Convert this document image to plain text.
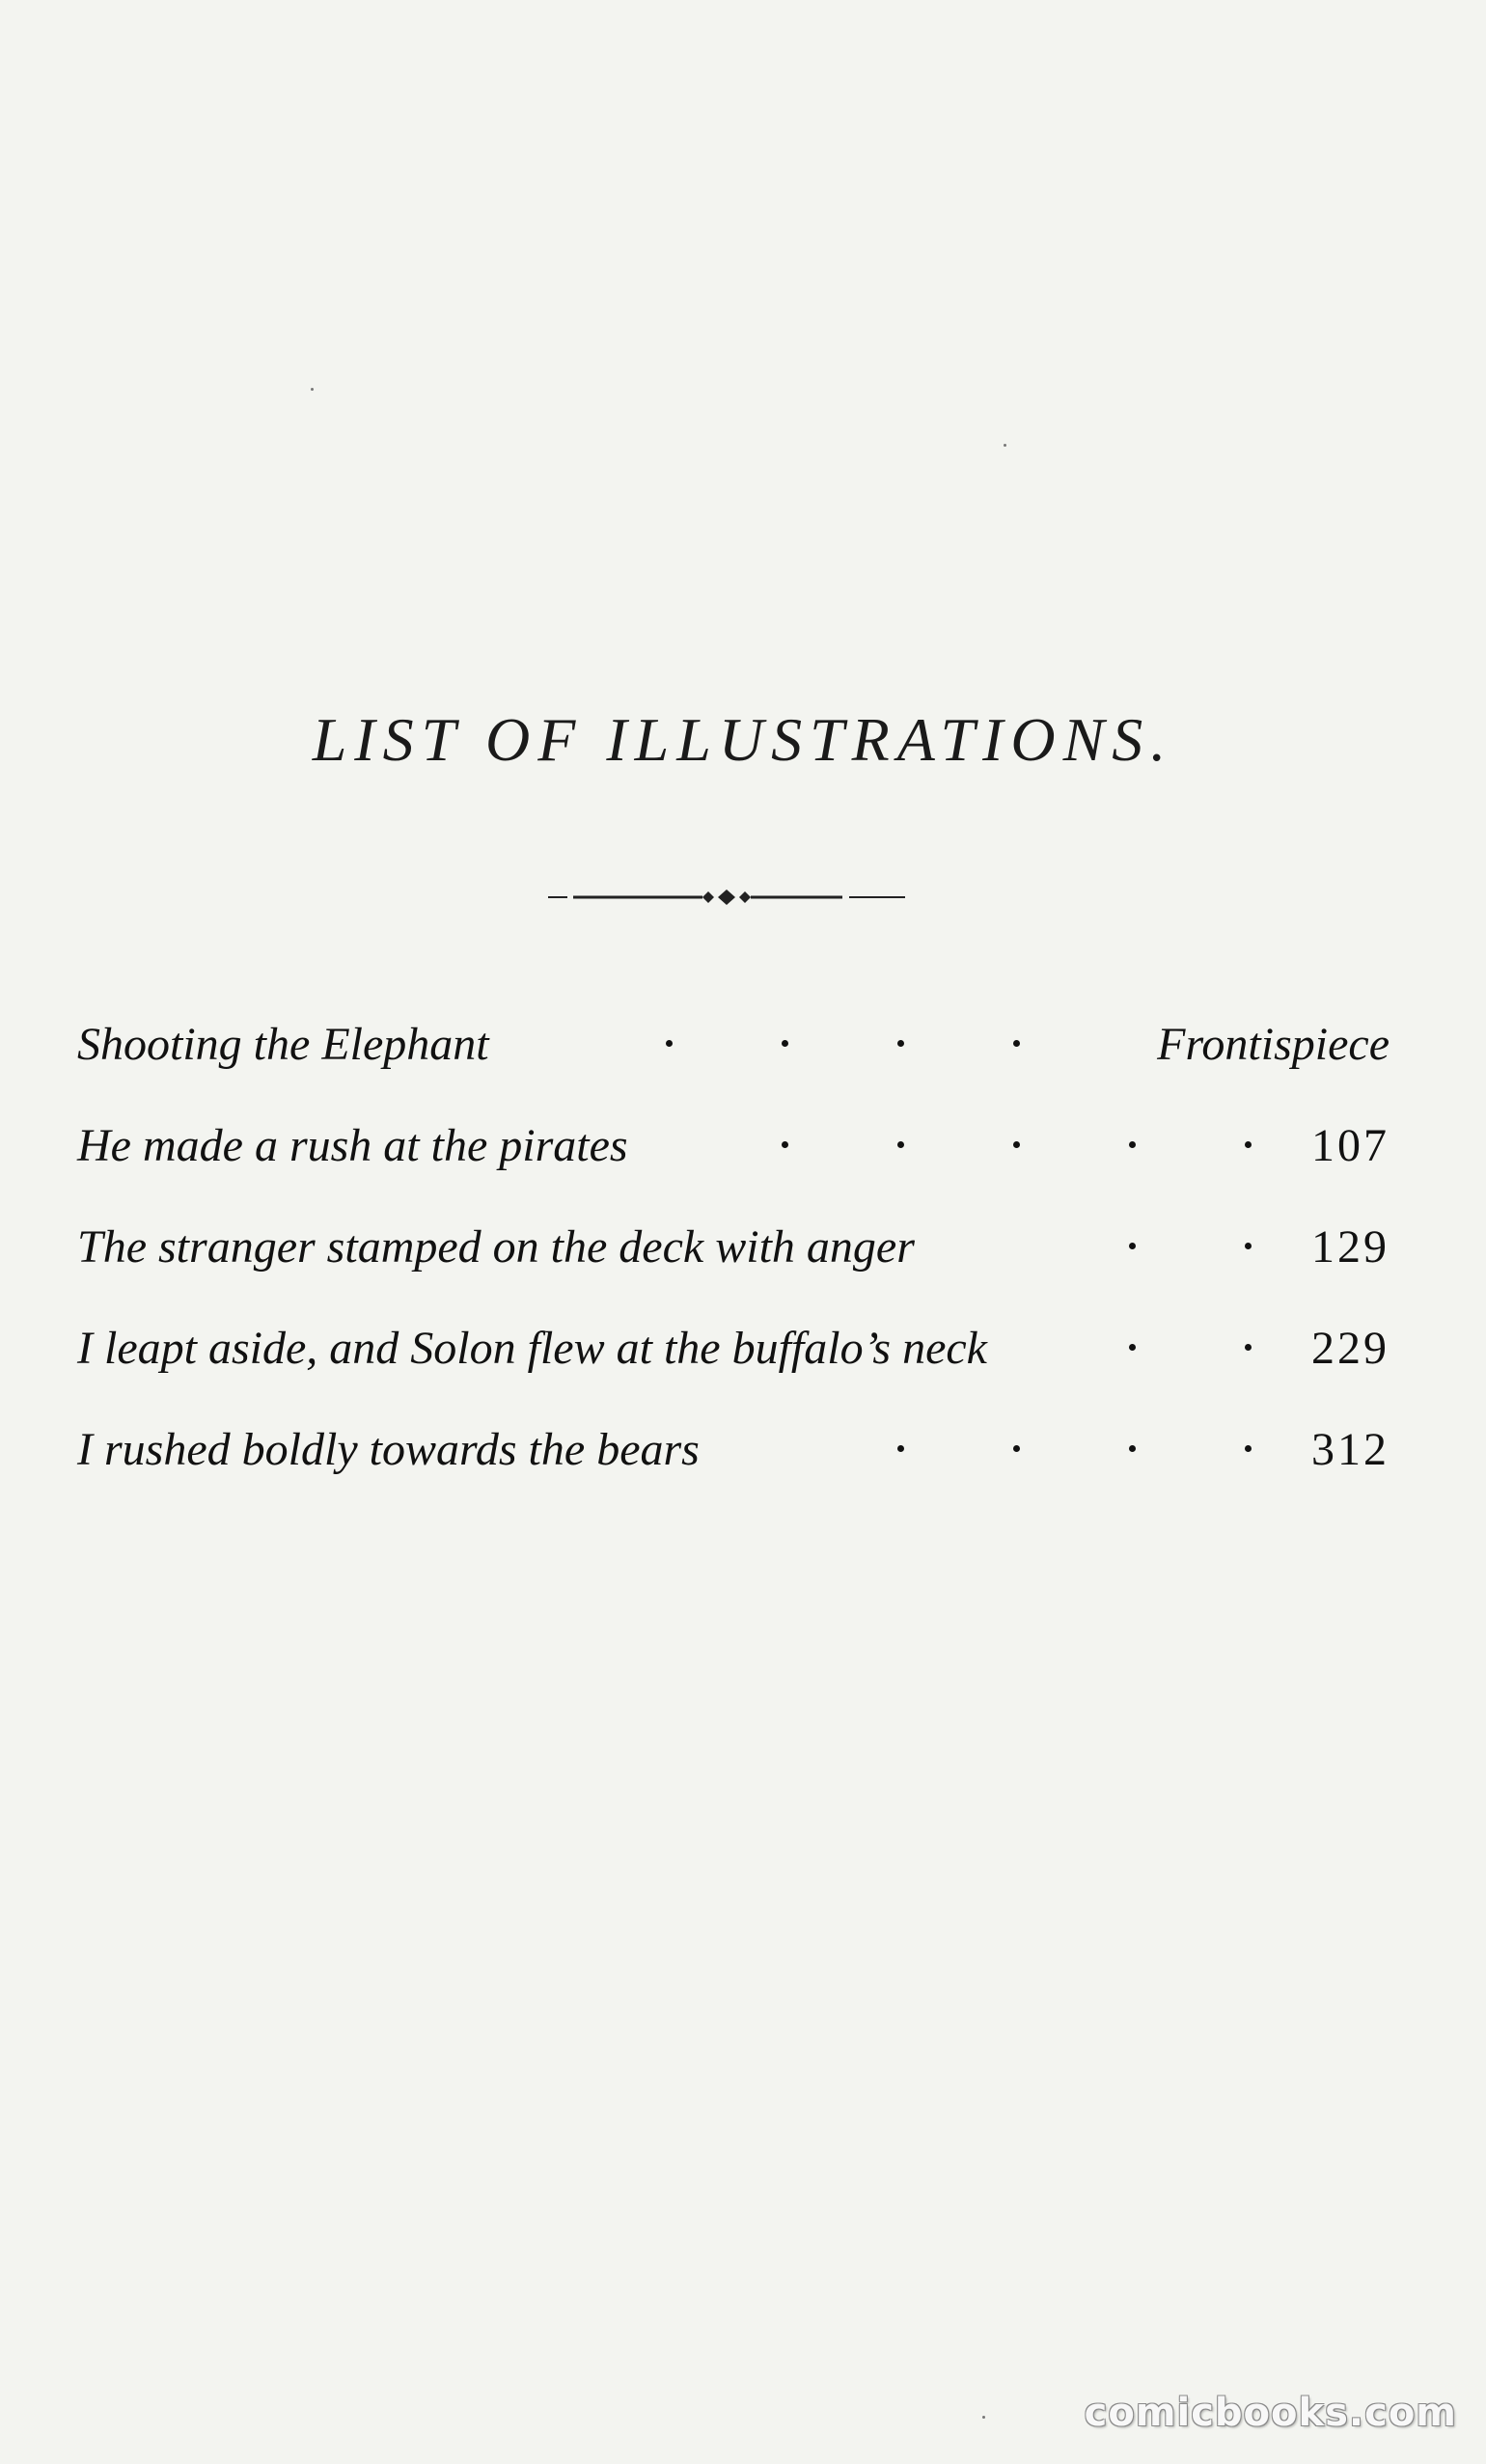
LIST OF ILLUSTRATIONS.
Shooting the Elephant	Frontispiece
He made a rush at the pirates	107
The stranger stamped on the deck with anger	129
I leapt aside, and Solon flew at the buffalo’s neck	229
I rushed boldly towards the bears	312
comicbooks.com
